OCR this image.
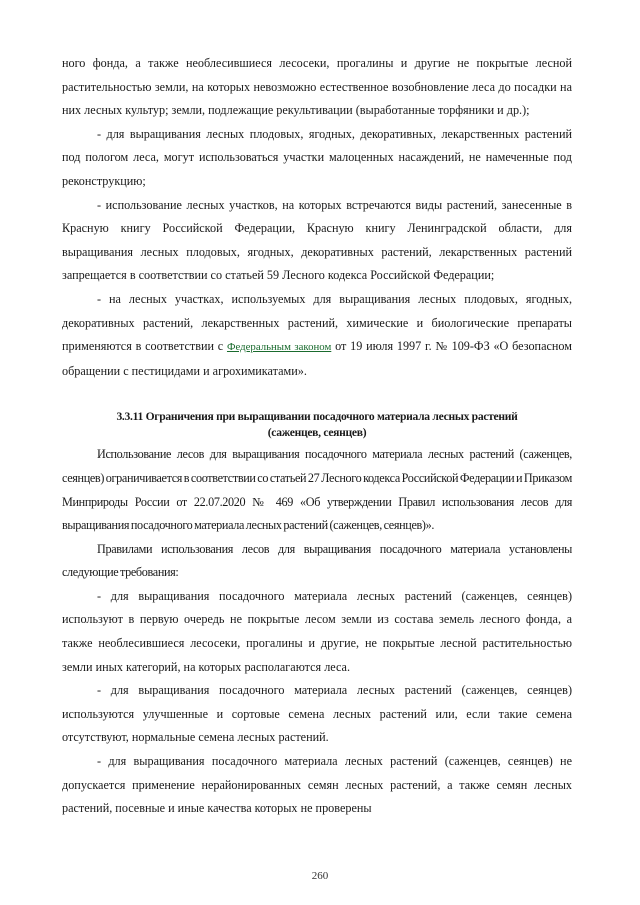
ного фонда, а также необлесившиеся лесосеки, прогалины и другие не покрытые лесной растительностью земли, на которых невозможно естественное возобновление леса до посадки на них лесных культур; земли, подлежащие рекультивации (выработанные торфяники и др.);

- для выращивания лесных плодовых, ягодных, декоративных, лекарственных растений под пологом леса, могут использоваться участки малоценных насаждений, не намеченные под реконструкцию;

- использование лесных участков, на которых встречаются виды растений, занесенные в Красную книгу Российской Федерации, Красную книгу Ленинградской области, для выращивания лесных плодовых, ягодных, декоративных растений, лекарственных растений запрещается в соответствии со статьей 59 Лесного кодекса Российской Федерации;

- на лесных участках, используемых для выращивания лесных плодовых, ягодных, декоративных растений, лекарственных растений, химические и биологические препараты применяются в соответствии с Федеральным законом от 19 июля 1997 г. № 109-ФЗ «О безопасном обращении с пестицидами и агрохимикатами».

3.3.11 Ограничения при выращивании посадочного материала лесных растений
(саженцев, сеянцев)

Использование лесов для выращивания посадочного материала лесных растений (саженцев, сеянцев) ограничивается в соответствии со статьей 27 Лесного кодекса Российской Федерации и Приказом Минприроды России от 22.07.2020 № 469 «Об утверждении Правил использования лесов для выращивания посадочного материала лесных растений (саженцев, сеянцев)».

Правилами использования лесов для выращивания посадочного материала установлены следующие требования:

- для выращивания посадочного материала лесных растений (саженцев, сеянцев) используют в первую очередь не покрытые лесом земли из состава земель лесного фонда, а также необлесившиеся лесосеки, прогалины и другие, не покрытые лесной растительностью земли иных категорий, на которых располагаются леса.

- для выращивания посадочного материала лесных растений (саженцев, сеянцев) используются улучшенные и сортовые семена лесных растений или, если такие семена отсутствуют, нормальные семена лесных растений.

- для выращивания посадочного материала лесных растений (саженцев, сеянцев) не допускается применение нерайонированных семян лесных растений, а также семян лесных растений, посевные и иные качества которых не проверены

260
